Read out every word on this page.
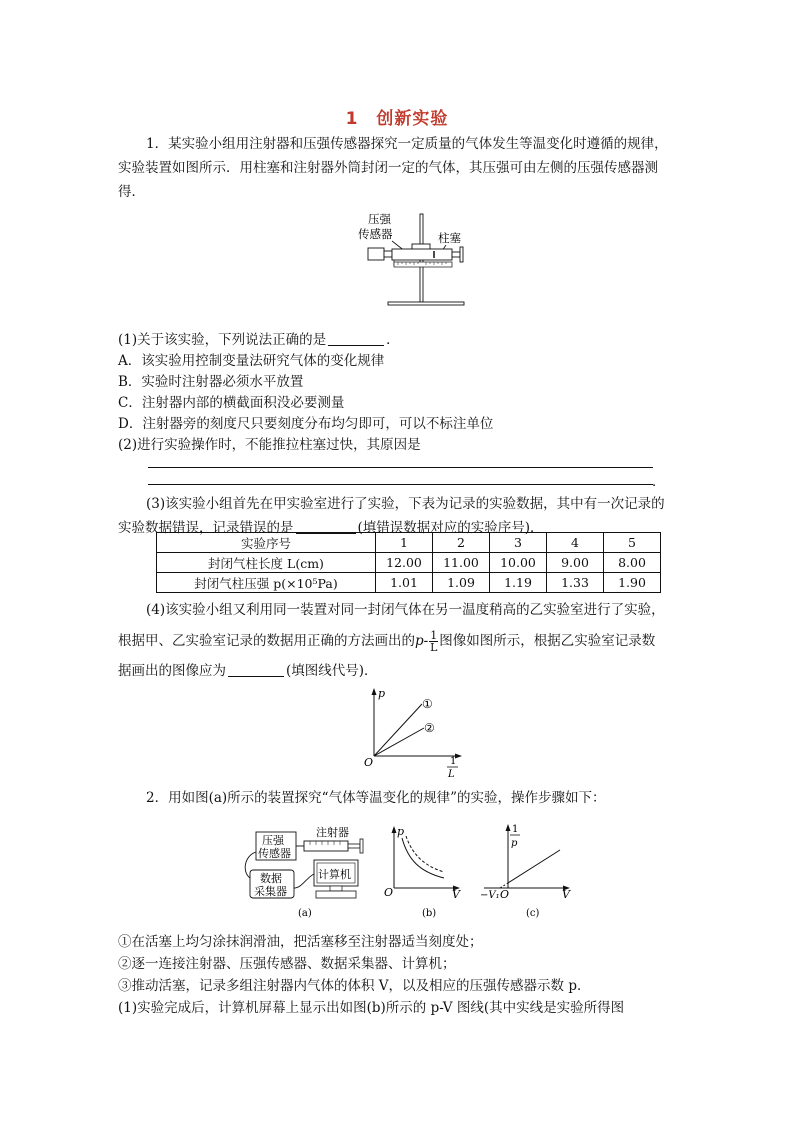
1　创新实验
1．某实验小组用注射器和压强传感器探究一定质量的气体发生等温变化时遵循的规律，实验装置如图所示．用柱塞和注射器外筒封闭一定的气体，其压强可由左侧的压强传感器测得．
压强
传感器	柱塞
(1)关于该实验，下列说法正确的是	．
A．该实验用控制变量法研究气体的变化规律
B．实验时注射器必须水平放置
C．注射器内部的横截面积没必要测量
D．注射器旁的刻度尺只要刻度分布均匀即可，可以不标注单位
(2)进行实验操作时，不能推拉柱塞过快，其原因是
．
(3)该实验小组首先在甲实验室进行了实验，下表为记录的实验数据，其中有一次记录的实验数据错误，记录错误的是	(填错误数据对应的实验序号)．
实验序号	1	2	3	4	5
封闭气柱长度 L(cm)	12.00	11.00	10.00	9.00	8.00
封闭气柱压强 p(×10⁵Pa)	1.01	1.09	1.19	1.33	1.90
(4)该实验小组又利用同一装置对同一封闭气体在另一温度稍高的乙实验室进行了实验，
根据甲、乙实验室记录的数据用正确的方法画出的$p- \frac{1}{L}$ 图像如图所示，根据乙实验室记录数
据画出的图像应为	(填图线代号)．
p
O	1
L
①
②
2．用如图(a)所示的装置探究“气体等温变化的规律”的实验，操作步骤如下：
压强
传感器
注射器
数据
采集器
计算机
(a)
p
O	V
(b)
1
p
O
−V₁	V
(c)
①在活塞上均匀涂抹润滑油，把活塞移至注射器适当刻度处；
②逐一连接注射器、压强传感器、数据采集器、计算机；
③推动活塞，记录多组注射器内气体的体积 V，以及相应的压强传感器示数 p．
(1)实验完成后，计算机屏幕上显示出如图(b)所示的 p-V 图线(其中实线是实验所得图
